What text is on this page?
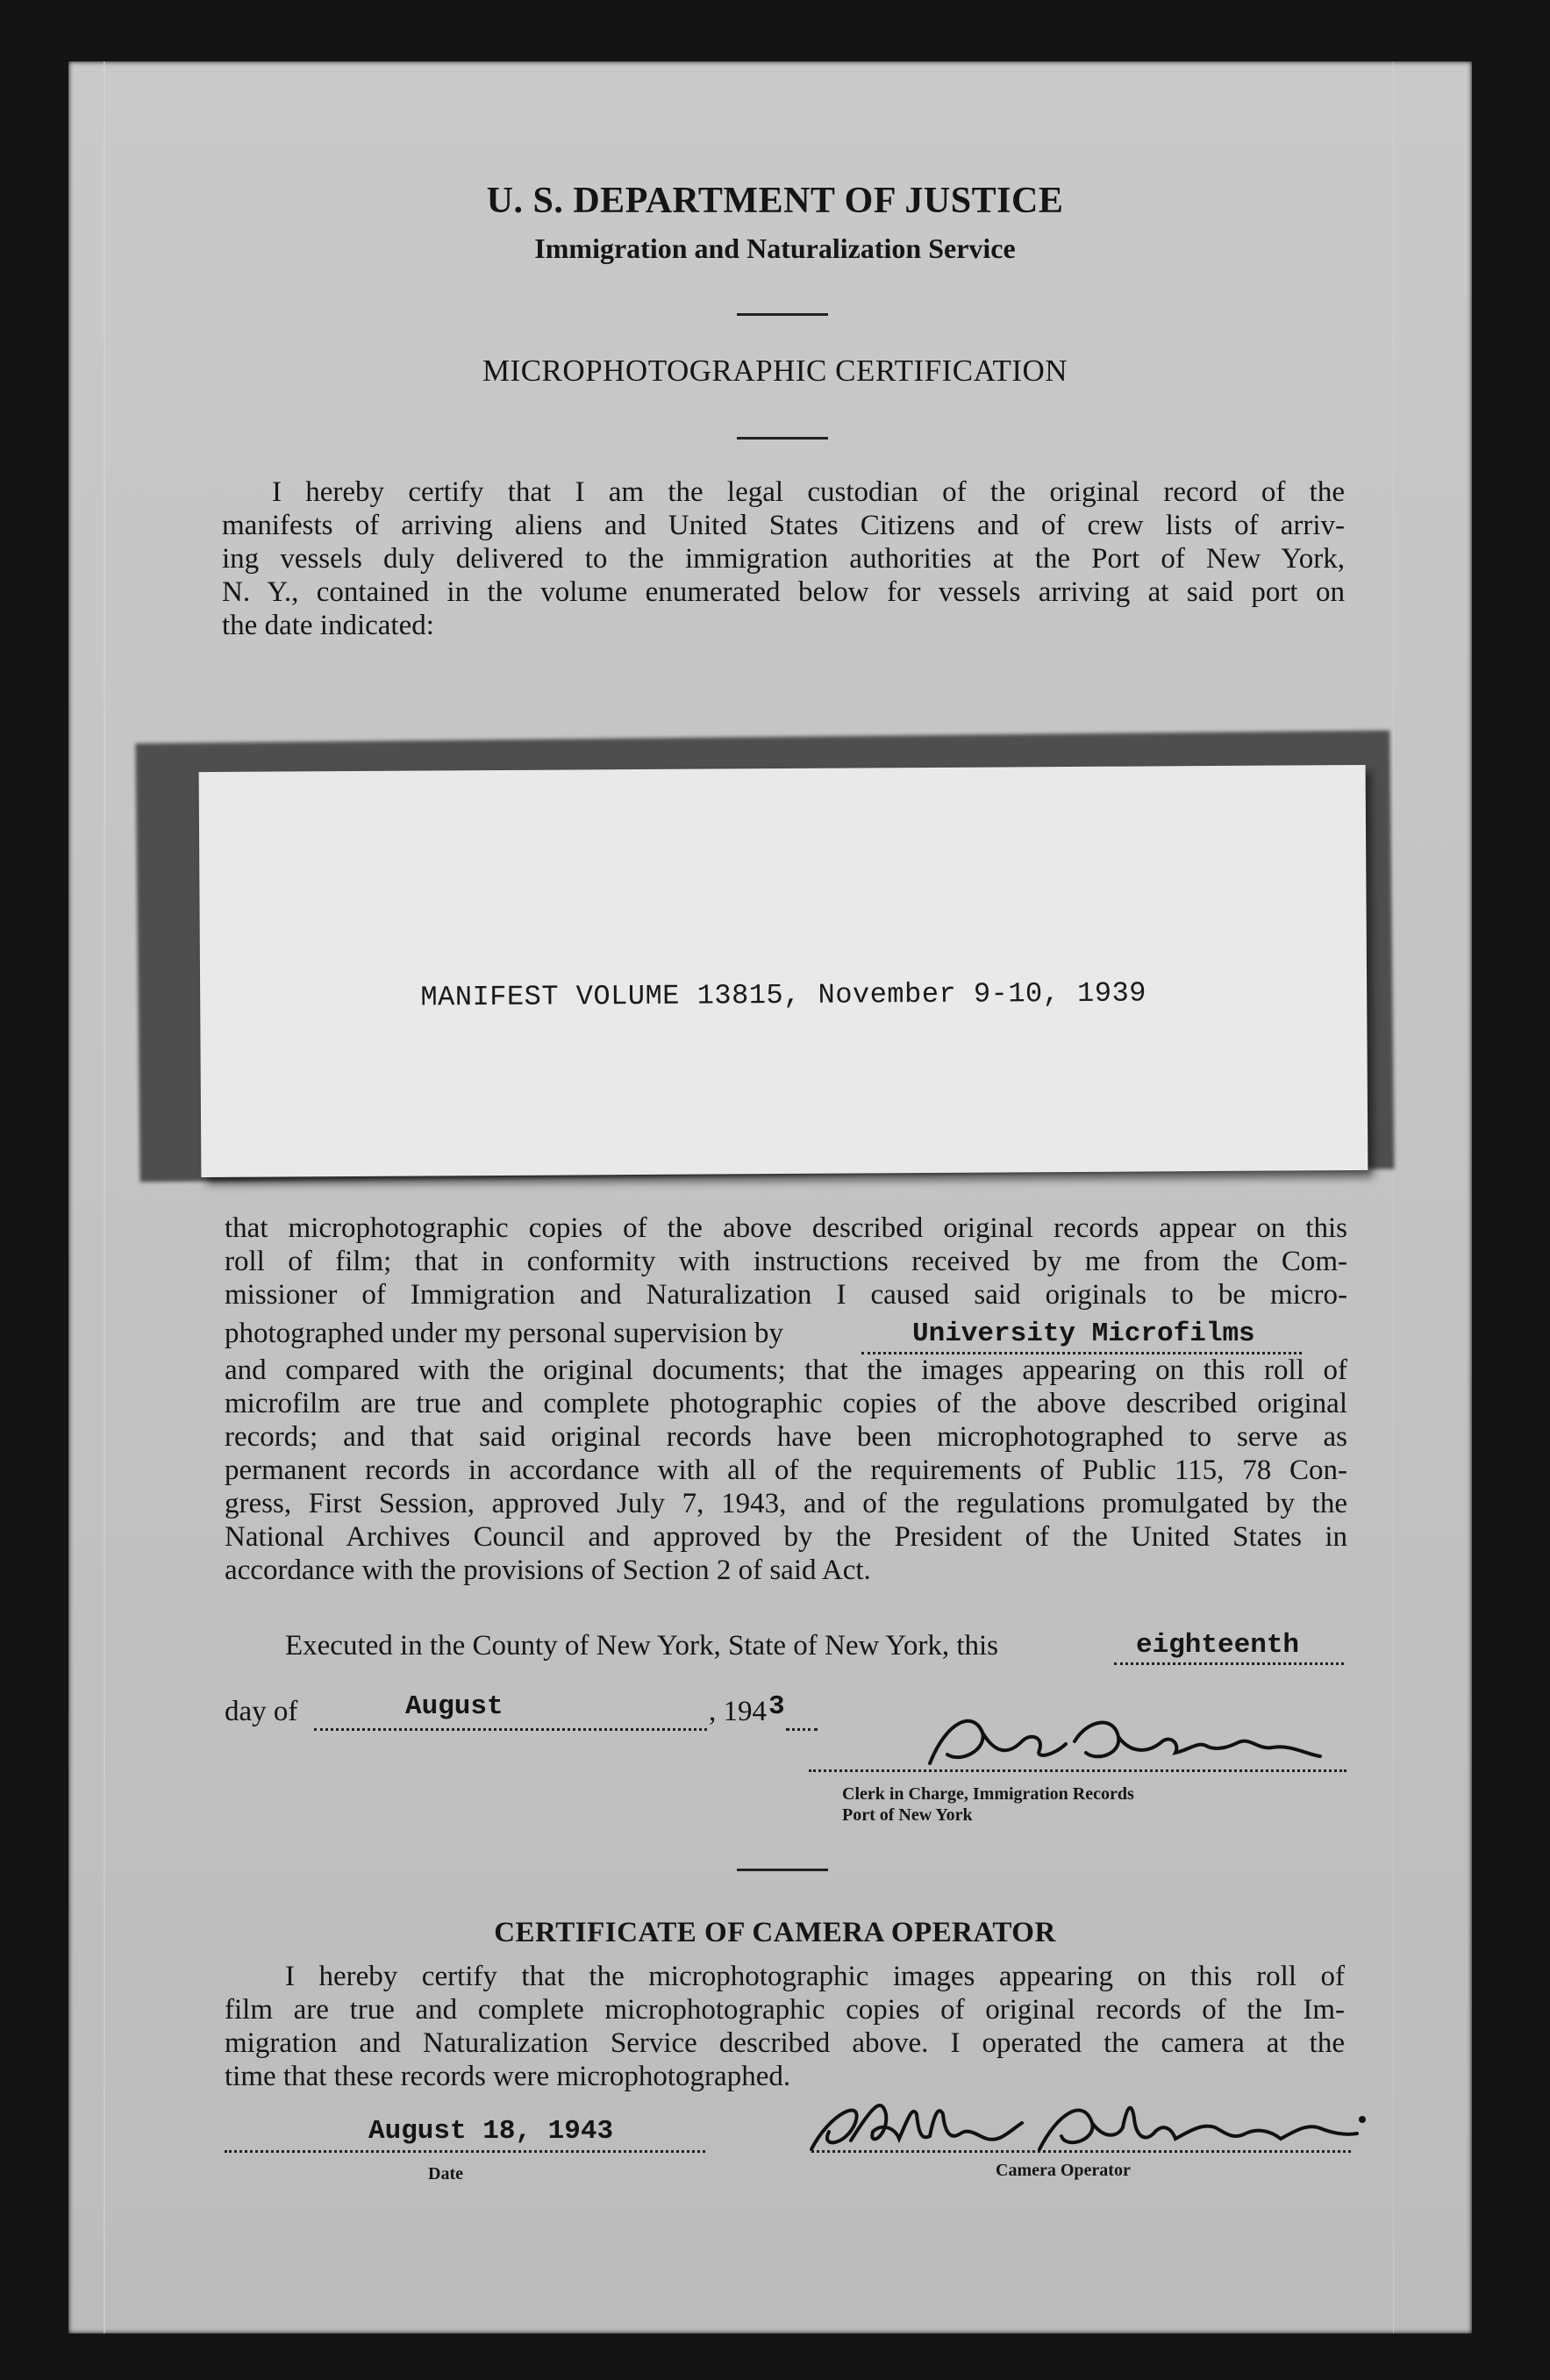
U. S. DEPARTMENT OF JUSTICE
Immigration and Naturalization Service
MICROPHOTOGRAPHIC CERTIFICATION

I hereby certify that I am the legal custodian of the original record of the

manifests of arriving aliens and United States Citizens and of crew lists of arriv-

ing vessels duly delivered to the immigration authorities at the Port of New York,

N. Y., contained in the volume enumerated below for vessels arriving at said port on

the date indicated:

MANIFEST VOLUME 13815, November 9-10, 1939

that microphotographic copies of the above described original records appear on this

roll of film; that in conformity with instructions received by me from the Com-

missioner of Immigration and Naturalization I caused said originals to be micro-

photographed under my personal supervision by	University Microfilms

and compared with the original documents; that the images appearing on this roll of

microfilm are true and complete photographic copies of the above described original

records; and that said original records have been microphotographed to serve as

permanent records in accordance with all of the requirements of Public 115, 78 Con-

gress, First Session, approved July 7, 1943, and of the regulations promulgated by the

National Archives Council and approved by the President of the United States in

accordance with the provisions of Section 2 of said Act.

Executed in the County of New York, State of New York, this	eighteenth
day of	August	, 194 3
Clerk in Charge, Immigration Records
Port of New York
CERTIFICATE OF CAMERA OPERATOR

I hereby certify that the microphotographic images appearing on this roll of

film are true and complete microphotographic copies of original records of the Im-

migration and Naturalization Service described above. I operated the camera at the

time that these records were microphotographed.

August 18, 1943
Date	Camera Operator
